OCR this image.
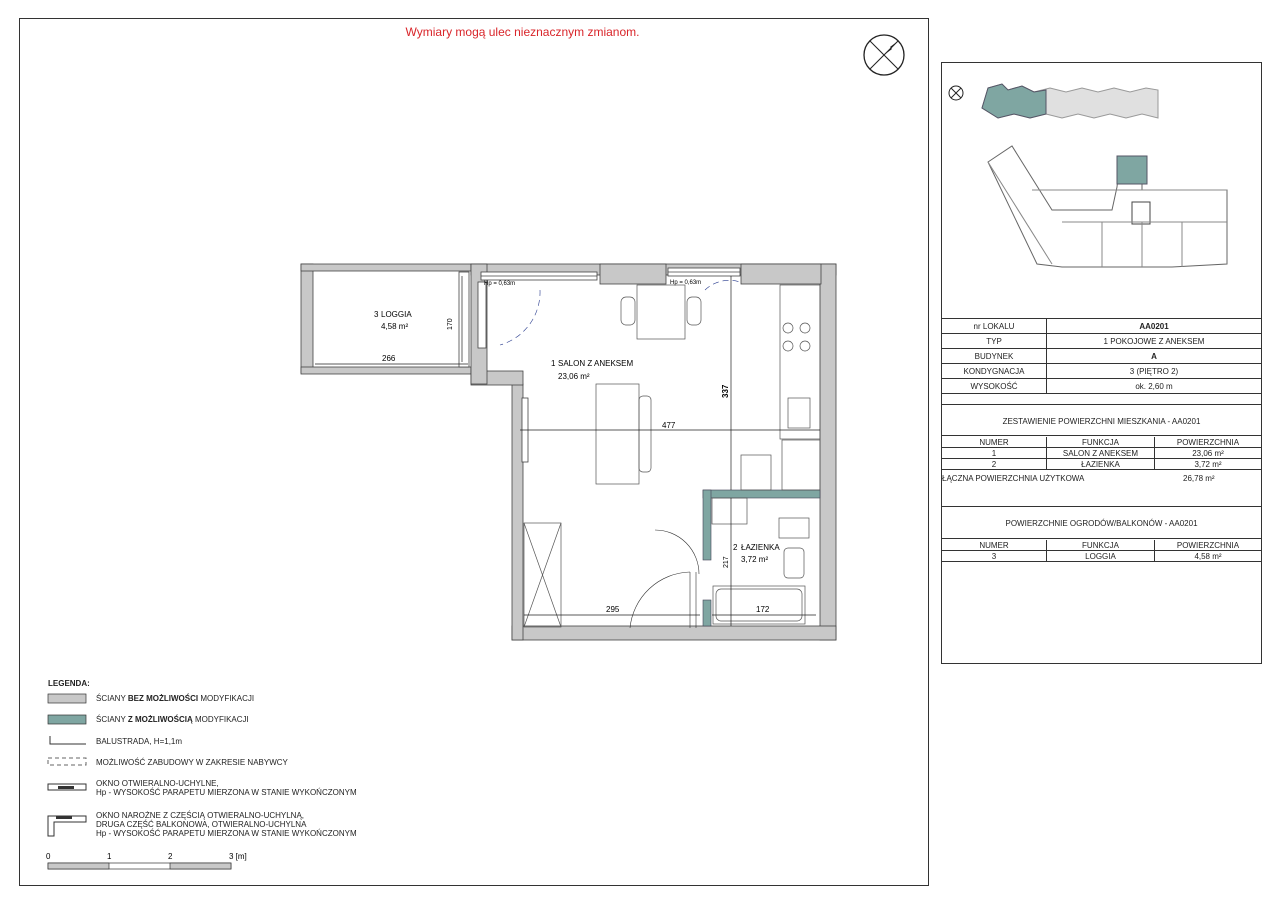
Wymiary mogą ulec nieznacznym zmianom.
Hp = 0,63m	Hp = 0,63m
3 LOGGIA
4,58 m²
1 SALON Z ANEKSEM
23,06 m²
2 ŁAZIENKA
3,72 m²
266
170
477
337
295	172
217
nr LOKALU	AA0201
TYP	1 POKOJOWE Z ANEKSEM
BUDYNEK	A
KONDYGNACJA	3 (PIĘTRO 2)
WYSOKOŚĆ	ok. 2,60 m
ZESTAWIENIE POWIERZCHNI MIESZKANIA - AA0201
NUMER	FUNKCJA	POWIERZCHNIA
1	SALON Z ANEKSEM	23,06 m²
2	ŁAZIENKA	3,72 m²
ŁĄCZNA POWIERZCHNIA UŻYTKOWA	26,78 m²
POWIERZCHNIE OGRODÓW/BALKONÓW - AA0201
NUMER	FUNKCJA	POWIERZCHNIA
3	LOGGIA	4,58 m²
LEGENDA:
ŚCIANY BEZ MOŻLIWOŚCI MODYFIKACJI
ŚCIANY Z MOŻLIWOŚCIĄ MODYFIKACJI
BALUSTRADA, H=1,1m
MOŻLIWOŚĆ ZABUDOWY W ZAKRESIE NABYWCY
OKNO OTWIERALNO-UCHYLNE,
Hp - WYSOKOŚĆ PARAPETU MIERZONA W STANIE WYKOŃCZONYM
OKNO NAROŻNE Z CZĘŚCIĄ OTWIERALNO-UCHYLNĄ,
DRUGA CZĘŚĆ BALKONOWA, OTWIERALNO-UCHYLNA
Hp - WYSOKOŚĆ PARAPETU MIERZONA W STANIE WYKOŃCZONYM
0	1	2	3 [m]
